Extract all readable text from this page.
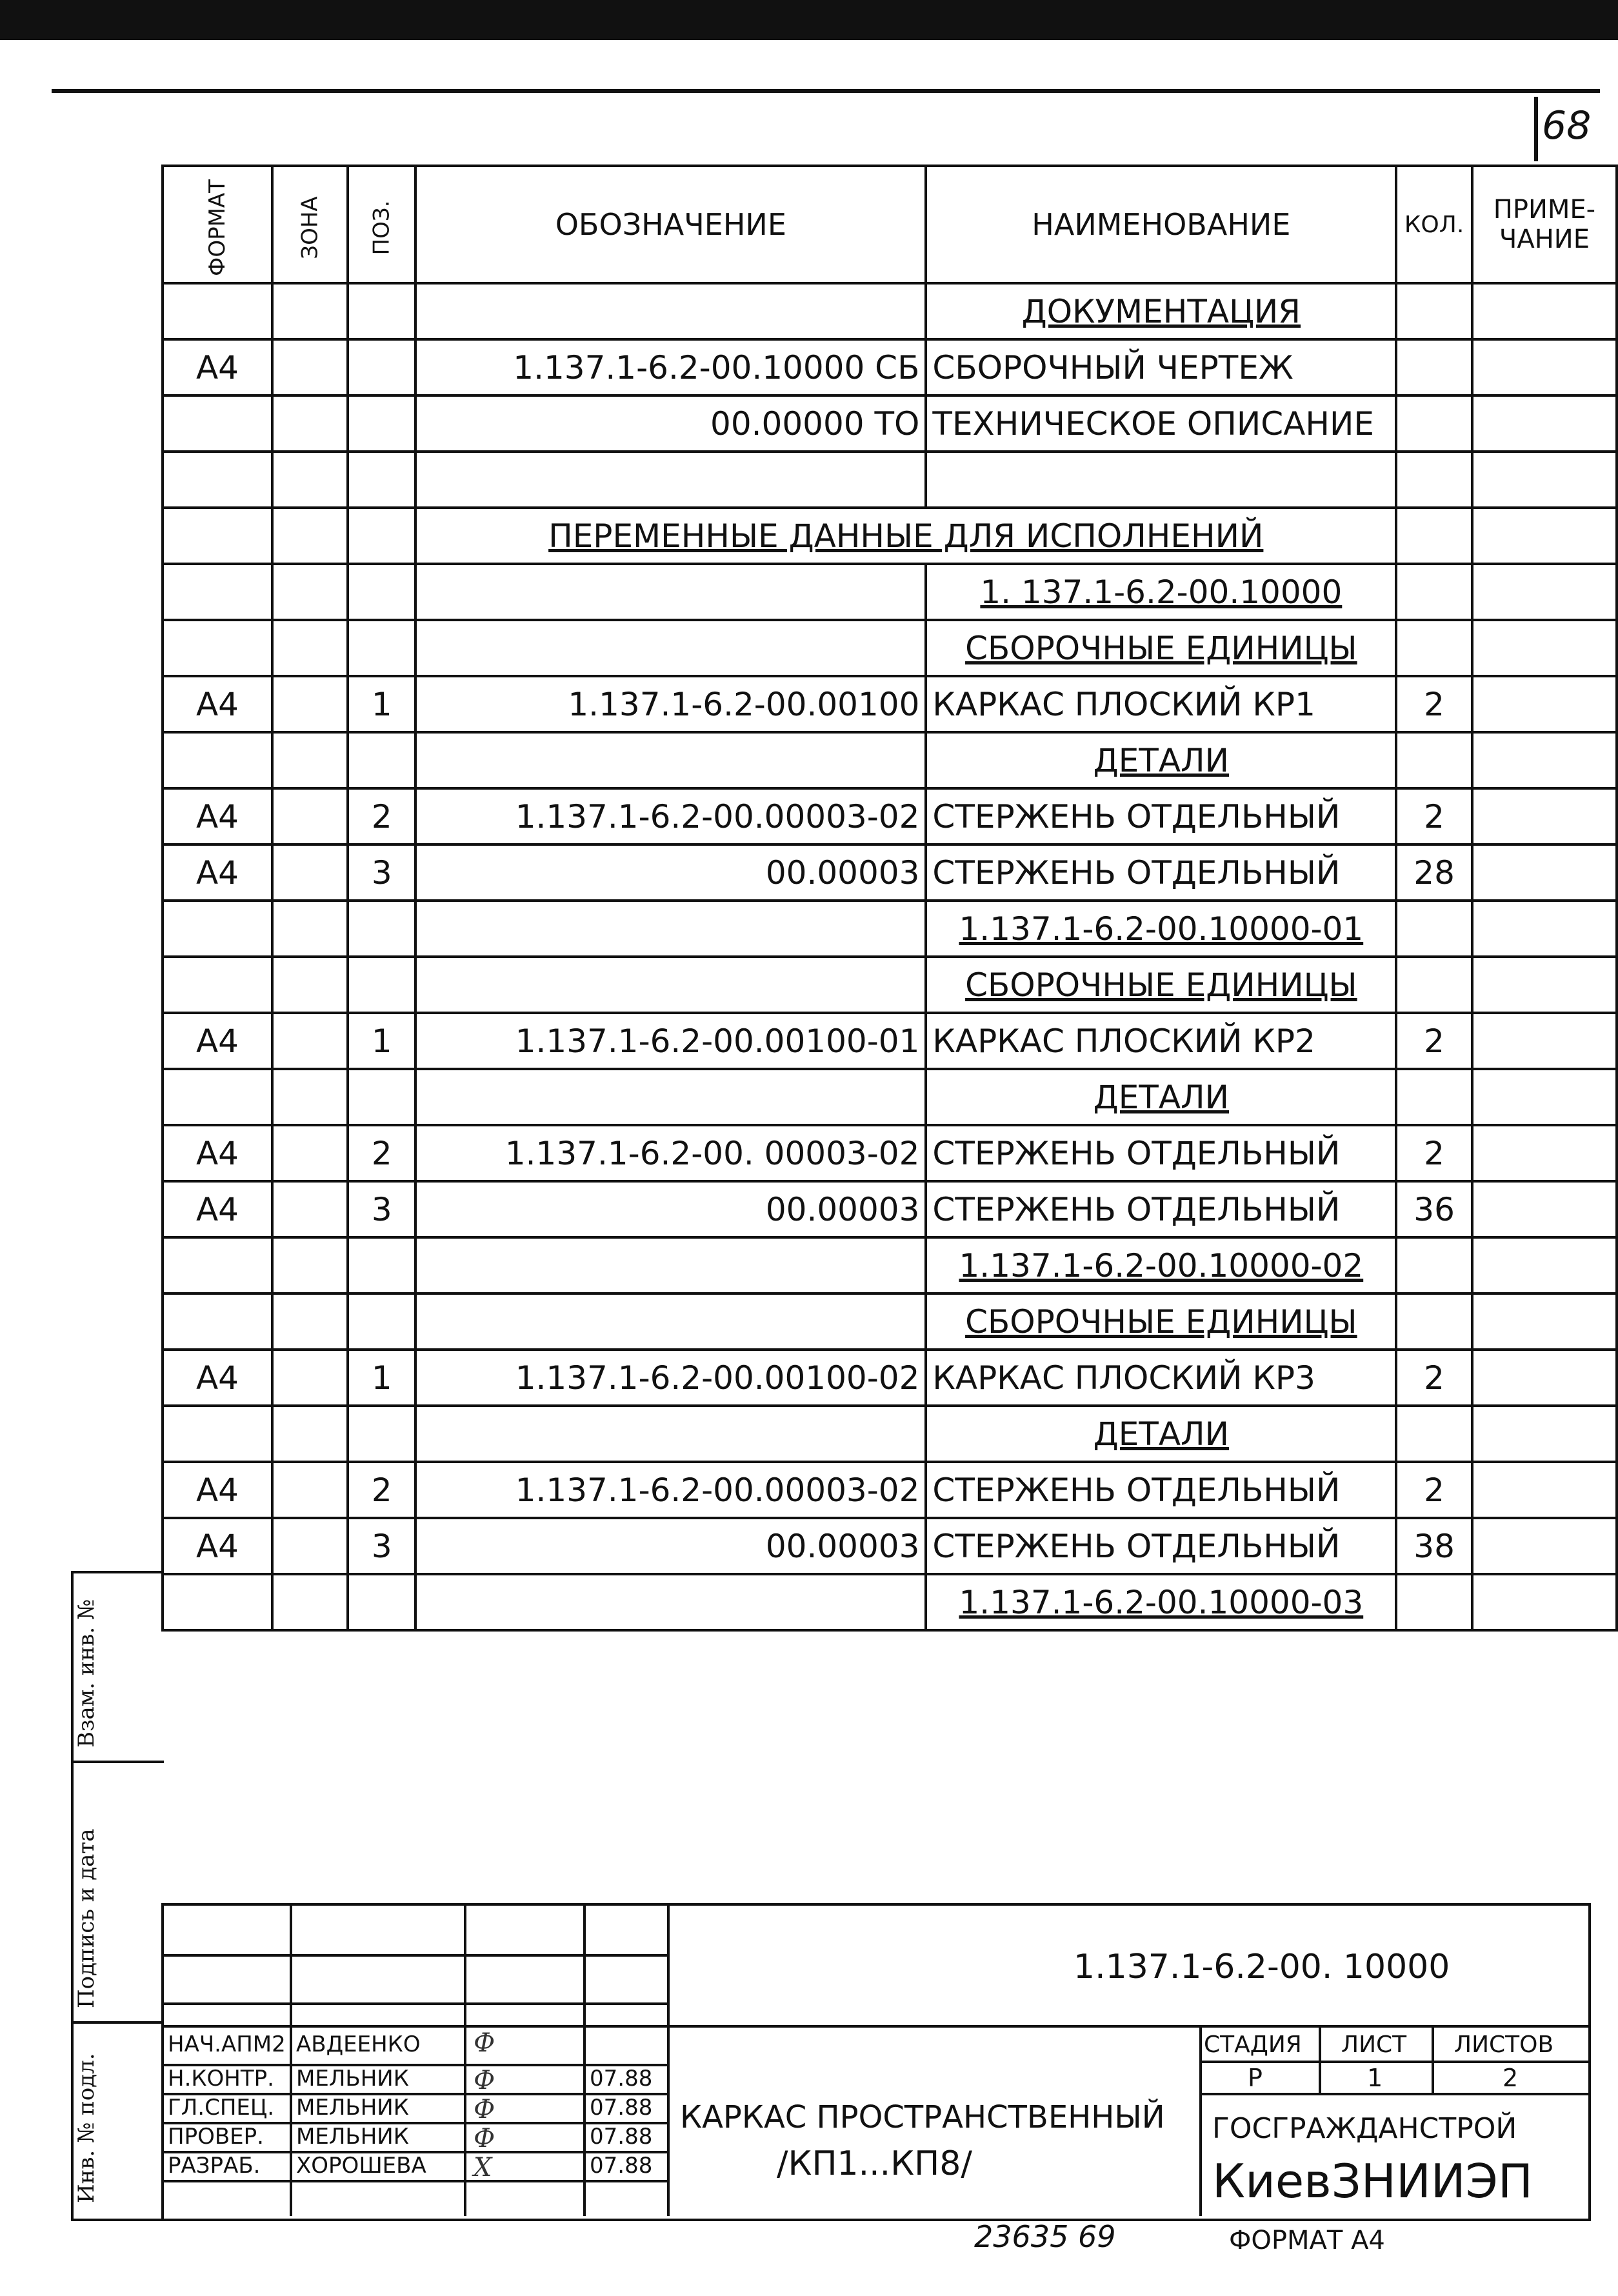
68
ФОРМАТ	ЗОНА	ПОЗ.	ОБОЗНАЧЕНИЕ	НАИМЕНОВАНИЕ	КОЛ.	ПРИМЕ-ЧАНИЕ
				ДОКУМЕНТАЦИЯ		
А4			1.137.1-6.2-00.10000 СБ	СБОРОЧНЫЙ ЧЕРТЕЖ		
			00.00000 ТО	ТЕХНИЧЕСКОЕ ОПИСАНИЕ		

			ПЕРЕМЕННЫЕ ДАННЫЕ ДЛЯ ИСПОЛНЕНИЙ			
				1. 137.1-6.2-00.10000		
				СБОРОЧНЫЕ ЕДИНИЦЫ		
А4		1	1.137.1-6.2-00.00100	КАРКАС ПЛОСКИЙ КР1	2	
				ДЕТАЛИ		
А4		2	1.137.1-6.2-00.00003-02	СТЕРЖЕНЬ ОТДЕЛЬНЫЙ	2	
А4		3	00.00003	СТЕРЖЕНЬ ОТДЕЛЬНЫЙ	28	
				1.137.1-6.2-00.10000-01		
				СБОРОЧНЫЕ ЕДИНИЦЫ		
А4		1	1.137.1-6.2-00.00100-01	КАРКАС ПЛОСКИЙ КР2	2	
				ДЕТАЛИ		
А4		2	1.137.1-6.2-00. 00003-02	СТЕРЖЕНЬ ОТДЕЛЬНЫЙ	2	
А4		3	00.00003	СТЕРЖЕНЬ ОТДЕЛЬНЫЙ	36	
				1.137.1-6.2-00.10000-02		
				СБОРОЧНЫЕ ЕДИНИЦЫ		
А4		1	1.137.1-6.2-00.00100-02	КАРКАС ПЛОСКИЙ КР3	2	
				ДЕТАЛИ		
А4		2	1.137.1-6.2-00.00003-02	СТЕРЖЕНЬ ОТДЕЛЬНЫЙ	2	
А4		3	00.00003	СТЕРЖЕНЬ ОТДЕЛЬНЫЙ	38	
				1.137.1-6.2-00.10000-03		
Взам. инв. №
Подпись и дата
Инв. № подл.
1.137.1-6.2-00. 10000
НАЧ.АПМ2 АВДЕЕНКО
Н.КОНТР. МЕЛЬНИК	07.88
ГЛ.СПЕЦ. МЕЛЬНИК	07.88
ПРОВЕР. МЕЛЬНИК	07.88
РАЗРАБ. ХОРОШЕВА	07.88
Ф
Ф
Ф
Ф
Х
КАРКАС ПРОСТРАНСТВЕННЫЙ
/КП1...КП8/
СТАДИЯ ЛИСТ ЛИСТОВ
Р	1	2
ГОСГРАЖДАНСТРОЙ
КиевЗНИИЭП
23635 69	ФОРМАТ А4
